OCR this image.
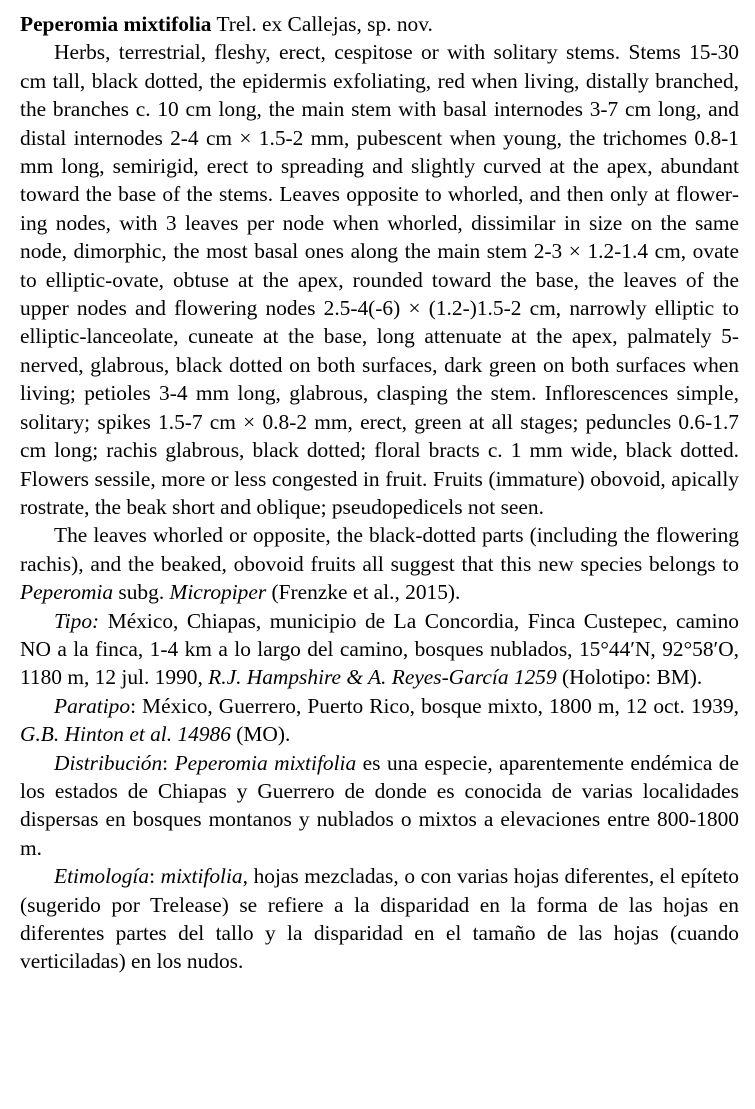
Peperomia mixtifolia Trel. ex Callejas, sp. nov.

Herbs, terrestrial, fleshy, erect, cespitose or with solitary stems. Stems 15-30 cm tall, black dotted, the epidermis exfoliating, red when living, distally branched, the branches c. 10 cm long, the main stem with basal internodes 3-7 cm long, and distal internodes 2-4 cm × 1.5-2 mm, pubescent when young, the trichomes 0.8-1 mm long, semirigid, erect to spreading and slightly curved at the apex, abundant toward the base of the stems. Leaves opposite to whorled, and then only at flowering nodes, with 3 leaves per node when whorled, dissimilar in size on the same node, dimorphic, the most basal ones along the main stem 2-3 × 1.2-1.4 cm, ovate to elliptic-ovate, obtuse at the apex, rounded toward the base, the leaves of the upper nodes and flowering nodes 2.5-4(-6) × (1.2-)1.5-2 cm, narrowly elliptic to elliptic-lanceolate, cuneate at the base, long attenuate at the apex, palmately 5-nerved, glabrous, black dotted on both surfaces, dark green on both surfaces when living; petioles 3-4 mm long, glabrous, clasping the stem. Inflorescences simple, solitary; spikes 1.5-7 cm × 0.8-2 mm, erect, green at all stages; peduncles 0.6-1.7 cm long; rachis glabrous, black dotted; floral bracts c. 1 mm wide, black dotted. Flowers sessile, more or less congested in fruit. Fruits (immature) obovoid, apically rostrate, the beak short and oblique; pseudopedicels not seen.

The leaves whorled or opposite, the black-dotted parts (including the flowering rachis), and the beaked, obovoid fruits all suggest that this new species belongs to Peperomia subg. Micropiper (Frenzke et al., 2015).

Tipo: México, Chiapas, municipio de La Concordia, Finca Custepec, camino NO a la finca, 1-4 km a lo largo del camino, bosques nublados, 15°44′N, 92°58′O, 1180 m, 12 jul. 1990, R.J. Hampshire & A. Reyes-García 1259 (Holotipo: BM).

Paratipo: México, Guerrero, Puerto Rico, bosque mixto, 1800 m, 12 oct. 1939, G.B. Hinton et al. 14986 (MO).

Distribución: Peperomia mixtifolia es una especie, aparentemente endémica de los estados de Chiapas y Guerrero de donde es conocida de varias localidades dispersas en bosques montanos y nublados o mixtos a elevaciones entre 800-1800 m.

Etimología: mixtifolia, hojas mezcladas, o con varias hojas diferentes, el epíteto (sugerido por Trelease) se refiere a la disparidad en la forma de las hojas en diferentes partes del tallo y la disparidad en el tamaño de las hojas (cuando verticiladas) en los nudos.
